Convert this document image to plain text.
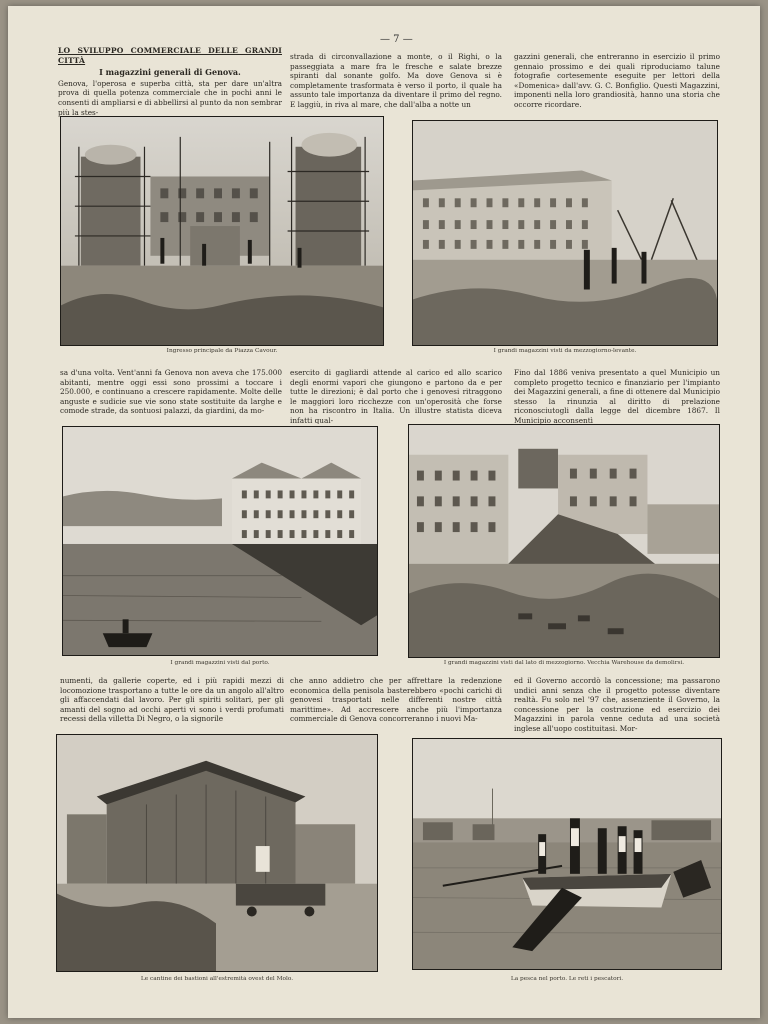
— 7 —
LO SVILUPPO COMMERCIALE DELLE GRANDI CITTÀ
I magazzini generali di Genova.

Genova, l'operosa e superba città, sta per dare un'altra prova di quella potenza commerciale che in pochi anni le consenti di ampliarsi e di abbellirsi al punto da non sembrar più la stes-

strada di circonvallazione a monte, o il Righi, o la passeggiata a mare fra le fresche e salate brezze spiranti dal sonante golfo. Ma dove Genova si è completamente trasformata è verso il porto, il quale ha assunto tale importanza da diventare il primo del regno. E laggiù, in riva al mare, che dall'alba a notte un

gazzini generali, che entreranno in esercizio il primo gennaio prossimo e dei quali riproduciamo talune fotografie cortesemente eseguite per lettori della «Domenica» dall'avv. G. C. Bonfiglio. Questi Magazzini, imponenti nella loro grandiosità, hanno una storia che occorre ricordare.

Ingresso principale da Piazza Cavour.	I grandi magazzini visti da mezzogiorno-levante.

sa d'una volta. Vent'anni fa Genova non aveva che 175.000 abitanti, mentre oggi essi sono prossimi a toccare i 250.000, e continuano a crescere rapidamente. Molte delle anguste e sudicie sue vie sono state sostituite da larghe e comode strade, da sontuosi palazzi, da giardini, da mo-

esercito di gagliardi attende al carico ed allo scarico degli enormi vapori che giungono e partono da e per tutte le direzioni; è dal porto che i genovesi ritraggono le maggiori loro ricchezze con un'operosità che forse non ha riscontro in Italia. Un illustre statista diceva infatti qual-

Fino dal 1886 veniva presentato a quel Municipio un completo progetto tecnico e finanziario per l'impianto dei Magazzini generali, a fine di ottenere dal Municipio stesso la rinunzia al diritto di prelazione riconosciutogli dalla legge del dicembre 1867. Il Municipio acconsentì

I grandi magazzini visti dal porto.	I grandi magazzini visti dal lato di mezzogiorno. Vecchia Warehouse da demolirsi.

numenti, da gallerie coperte, ed i più rapidi mezzi di locomozione trasportano a tutte le ore da un angolo all'altro gli affaccendati dal lavoro. Per gli spiriti solitari, per gli amanti del sogno ad occhi aperti vi sono i verdi profumati recessi della villetta Di Negro, o la signorile

che anno addietro che per affrettare la redenzione economica della penisola basterebbero «pochi carichi di genovesi trasportati nelle differenti nostre città marittime». Ad accrescere anche più l'importanza commerciale di Genova concorreranno i nuovi Ma-

ed il Governo accordò la concessione; ma passarono undici anni senza che il progetto potesse diventare realtà. Fu solo nel '97 che, assenziente il Governo, la concessione per la costruzione ed esercizio dei Magazzini in parola venne ceduta ad una società inglese all'uopo costituitasi. Mor-

Le cantine dei bastioni all'estremità ovest del Molo.	La pesca nel porto. Le reti i pescatori.
